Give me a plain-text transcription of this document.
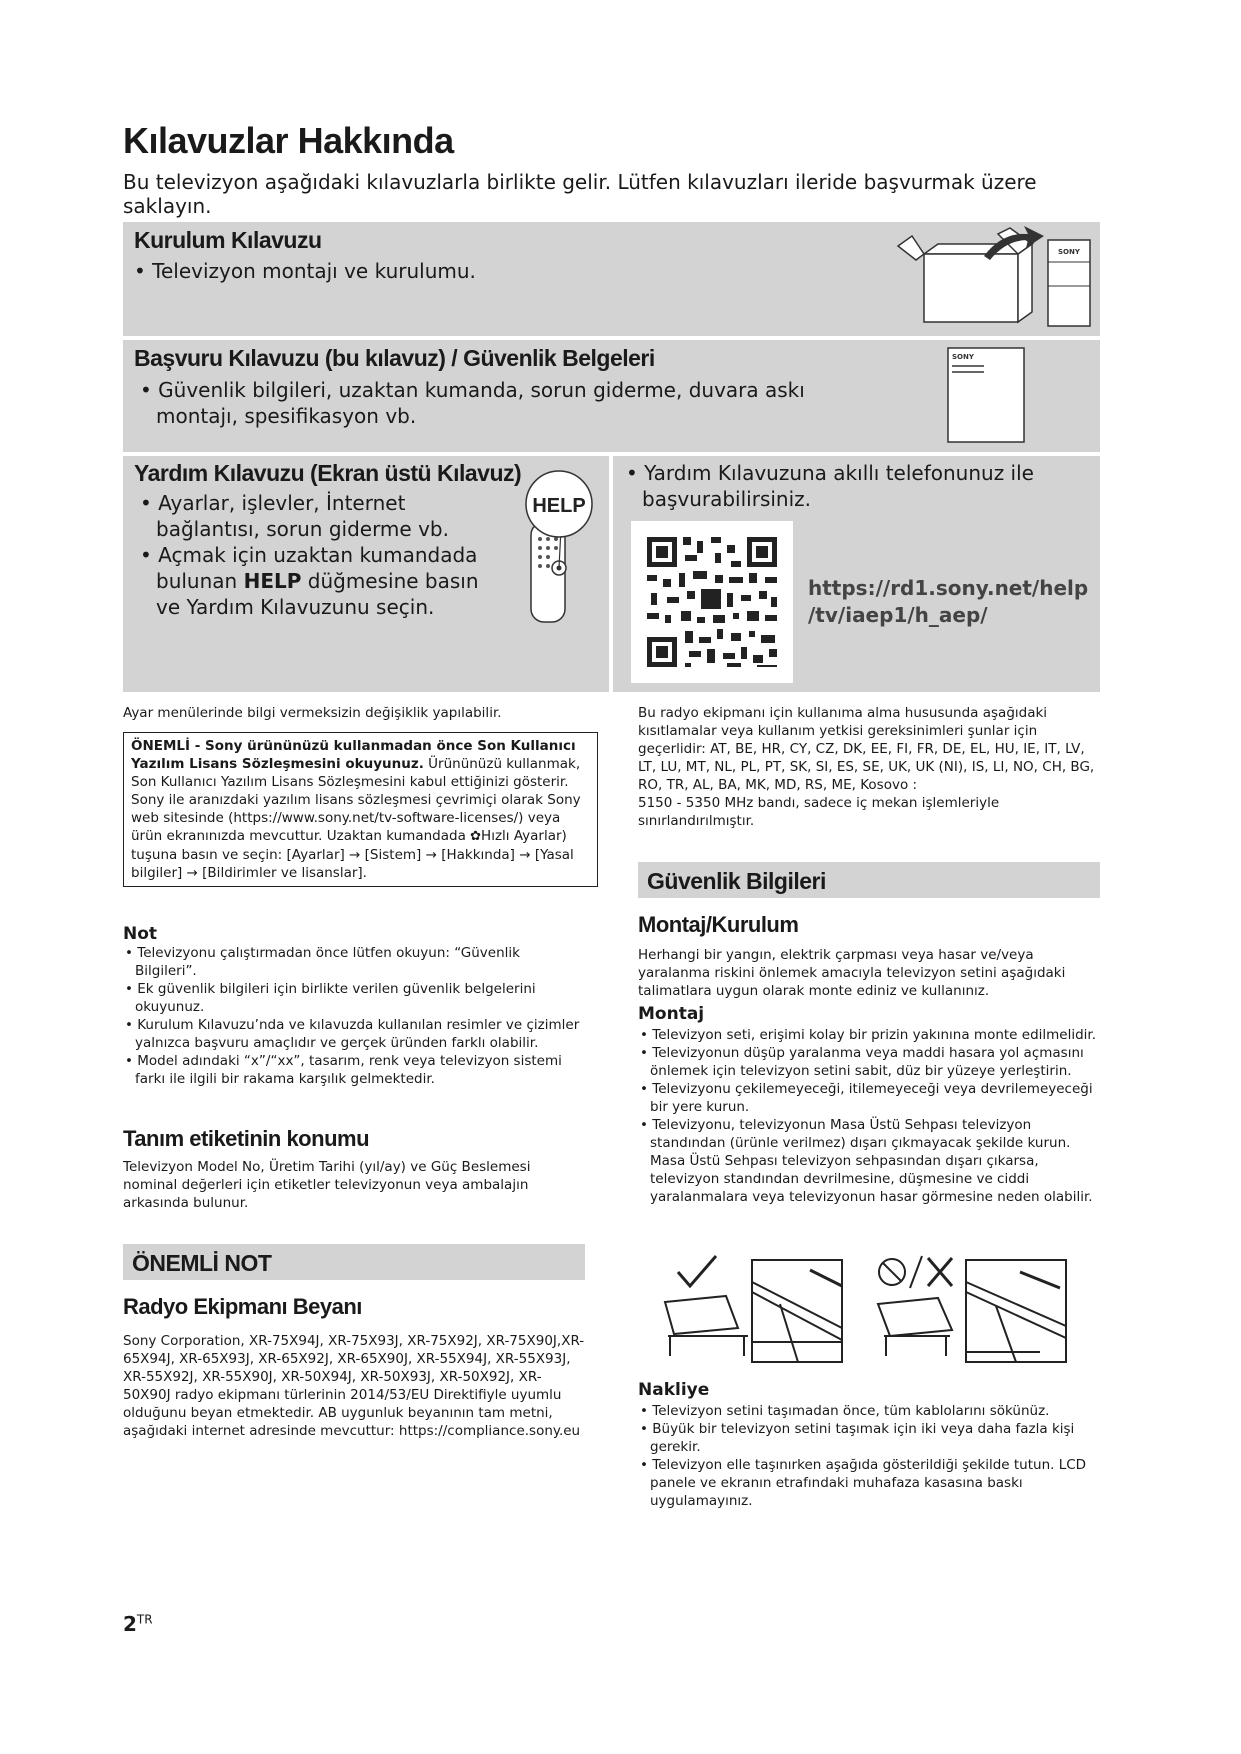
Kılavuzlar Hakkında
Bu televizyon aşağıdaki kılavuzlarla birlikte gelir. Lütfen kılavuzları ileride başvurmak üzere saklayın.
Kurulum Kılavuzu
• Televizyon montajı ve kurulumu.
SONY
Başvuru Kılavuzu (bu kılavuz) / Güvenlik Belgeleri
• Güvenlik bilgileri, uzaktan kumanda, sorun giderme, duvara askı montajı, spesifikasyon vb.
SONY
Yardım Kılavuzu (Ekran üstü Kılavuz)
• Ayarlar, işlevler, İnternet bağlantısı, sorun giderme vb.
• Açmak için uzaktan kumandada bulunan HELP düğmesine basın ve Yardım Kılavuzunu seçin.
HELP
• Yardım Kılavuzuna akıllı telefonunuz ile başvurabilirsiniz.
https://rd1.sony.net/help
/tv/iaep1/h_aep/
Ayar menülerinde bilgi vermeksizin değişiklik yapılabilir.
ÖNEMLİ - Sony ürününüzü kullanmadan önce Son Kullanıcı Yazılım Lisans Sözleşmesini okuyunuz. Ürününüzü kullanmak, Son Kullanıcı Yazılım Lisans Sözleşmesini kabul ettiğinizi gösterir. Sony ile aranızdaki yazılım lisans sözleşmesi çevrimiçi olarak Sony web sitesinde (https://www.sony.net/tv-software-licenses/) veya ürün ekranınızda mevcuttur. Uzaktan kumandada ✿Hızlı Ayarlar) tuşuna basın ve seçin: [Ayarlar] → [Sistem] → [Hakkında] → [Yasal bilgiler] → [Bildirimler ve lisanslar].
Not

• Televizyonu çalıştırmadan önce lütfen okuyun: “Güvenlik Bilgileri”.

• Ek güvenlik bilgileri için birlikte verilen güvenlik belgelerini okuyunuz.

• Kurulum Kılavuzu’nda ve kılavuzda kullanılan resimler ve çizimler yalnızca başvuru amaçlıdır ve gerçek üründen farklı olabilir.

• Model adındaki “x”/“xx”, tasarım, renk veya televizyon sistemi farkı ile ilgili bir rakama karşılık gelmektedir.

Tanım etiketinin konumu
Televizyon Model No, Üretim Tarihi (yıl/ay) ve Güç Beslemesi nominal değerleri için etiketler televizyonun veya ambalajın arkasında bulunur.
ÖNEMLİ NOT
Radyo Ekipmanı Beyanı
Sony Corporation, XR-75X94J, XR-75X93J, XR-75X92J, XR-75X90J,XR-65X94J, XR-65X93J, XR-65X92J, XR-65X90J, XR-55X94J, XR-55X93J, XR-55X92J, XR-55X90J, XR-50X94J, XR-50X93J, XR-50X92J, XR-50X90J radyo ekipmanı türlerinin 2014/53/EU Direktifiyle uyumlu olduğunu beyan etmektedir. AB uygunluk beyanının tam metni, aşağıdaki internet adresinde mevcuttur: https://compliance.sony.eu
Bu radyo ekipmanı için kullanıma alma hususunda aşağıdaki kısıtlamalar veya kullanım yetkisi gereksinimleri şunlar için geçerlidir: AT, BE, HR, CY, CZ, DK, EE, FI, FR, DE, EL, HU, IE, IT, LV, LT, LU, MT, NL, PL, PT, SK, SI, ES, SE, UK, UK (NI), IS, LI, NO, CH, BG, RO, TR, AL, BA, MK, MD, RS, ME, Kosovo :
5150 - 5350 MHz bandı, sadece iç mekan işlemleriyle sınırlandırılmıştır.
Güvenlik Bilgileri
Montaj/Kurulum
Herhangi bir yangın, elektrik çarpması veya hasar ve/veya yaralanma riskini önlemek amacıyla televizyon setini aşağıdaki talimatlara uygun olarak monte ediniz ve kullanınız.
Montaj

• Televizyon seti, erişimi kolay bir prizin yakınına monte edilmelidir.

• Televizyonun düşüp yaralanma veya maddi hasara yol açmasını önlemek için televizyon setini sabit, düz bir yüzeye yerleştirin.

• Televizyonu çekilemeyeceği, itilemeyeceği veya devrilemeyeceği bir yere kurun.

• Televizyonu, televizyonun Masa Üstü Sehpası televizyon standından (ürünle verilmez) dışarı çıkmayacak şekilde kurun. Masa Üstü Sehpası televizyon sehpasından dışarı çıkarsa, televizyon standından devrilmesine, düşmesine ve ciddi yaralanmalara veya televizyonun hasar görmesine neden olabilir.

Nakliye

• Televizyon setini taşımadan önce, tüm kablolarını sökünüz.

• Büyük bir televizyon setini taşımak için iki veya daha fazla kişi gerekir.

• Televizyon elle taşınırken aşağıda gösterildiği şekilde tutun. LCD panele ve ekranın etrafındaki muhafaza kasasına baskı uygulamayınız.

$2^{TR}$
